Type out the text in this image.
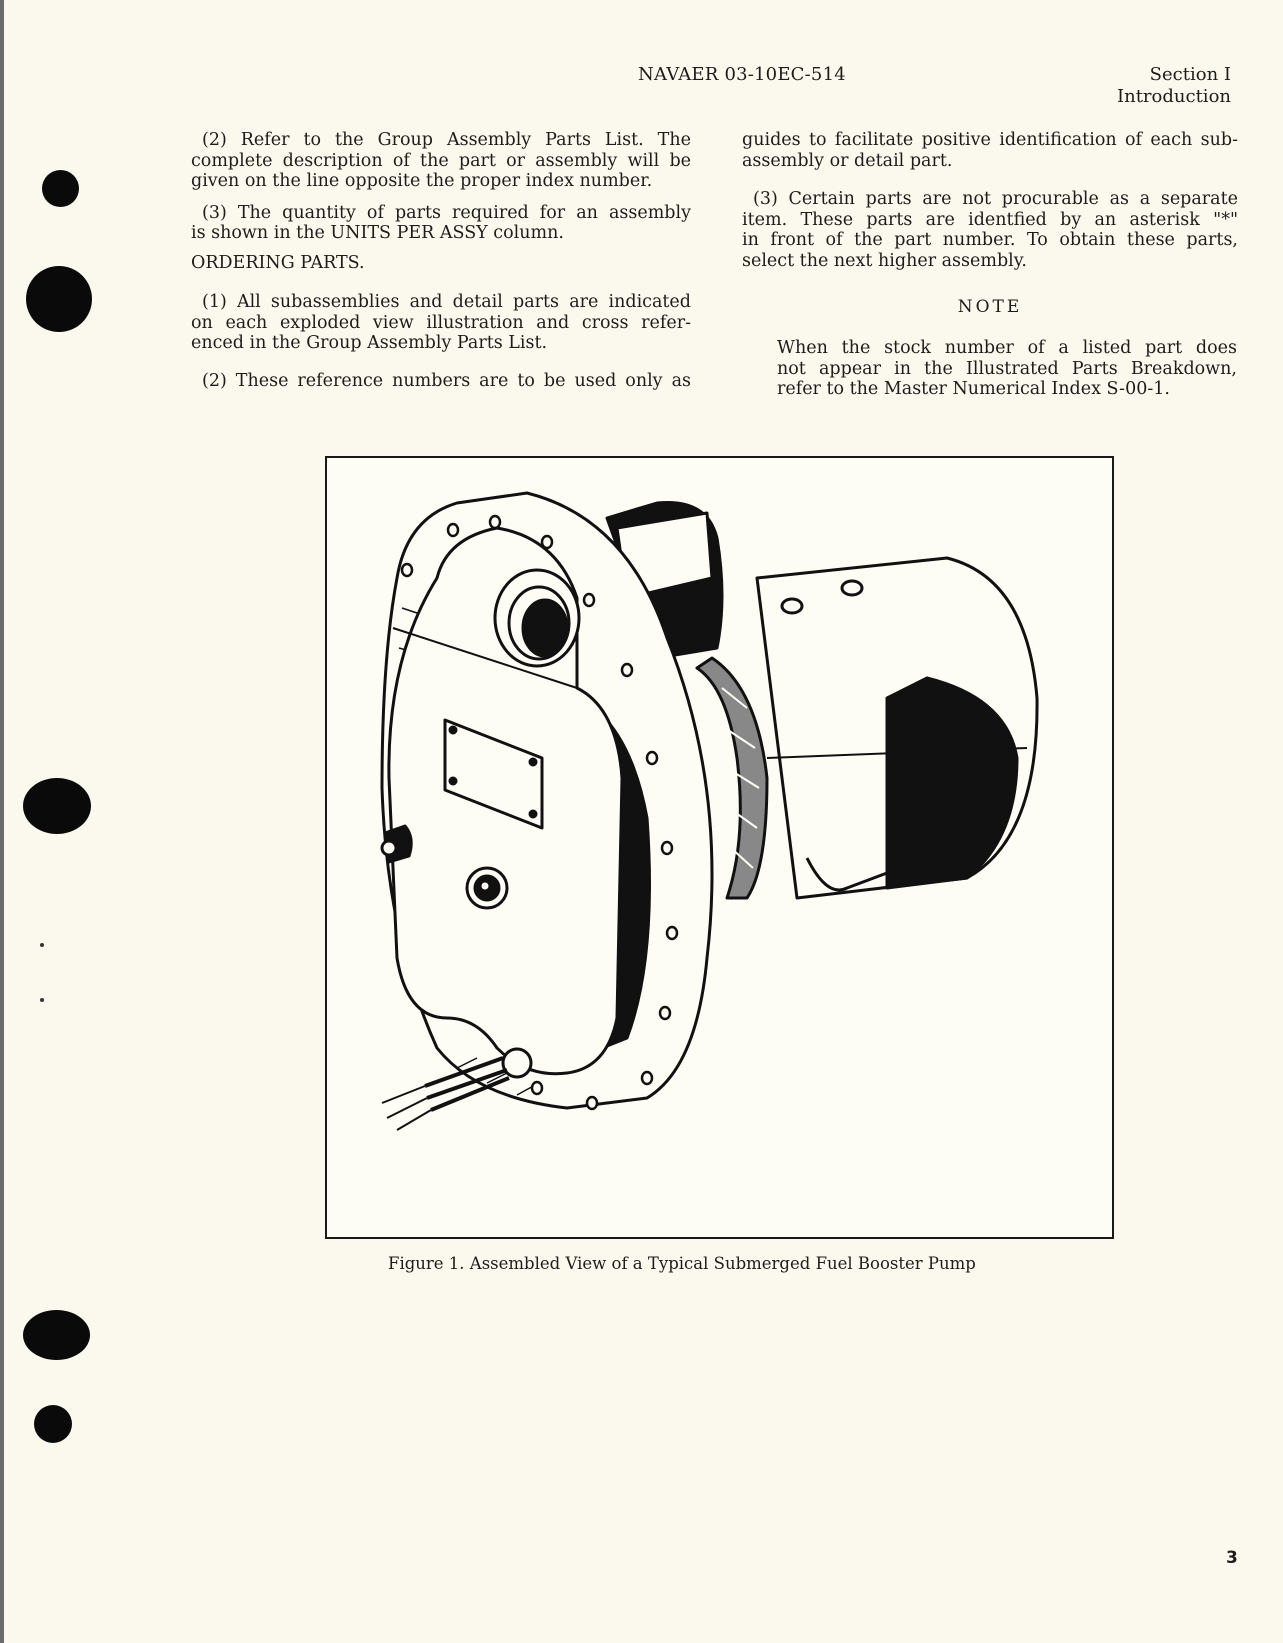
NAVAER 03-10EC-514	Section I
Introduction

(2) Refer to the Group Assembly Parts List. The

complete description of the part or assembly will be

given on the line opposite the proper index number.

(3) The quantity of parts required for an assembly

is shown in the UNITS PER ASSY column.

ORDERING PARTS.

(1) All subassemblies and detail parts are indicated

on each exploded view illustration and cross refer-

enced in the Group Assembly Parts List.

(2) These reference numbers are to be used only as

guides to facilitate positive identification of each sub-

assembly or detail part.

(3) Certain parts are not procurable as a separate

item. These parts are identfied by an asterisk "*"

in front of the part number. To obtain these parts,

select the next higher assembly.

NOTE

When the stock number of a listed part does

not appear in the Illustrated Parts Breakdown,

refer to the Master Numerical Index S-00-1.

Figure 1. Assembled View of a Typical Submerged Fuel Booster Pump
3
